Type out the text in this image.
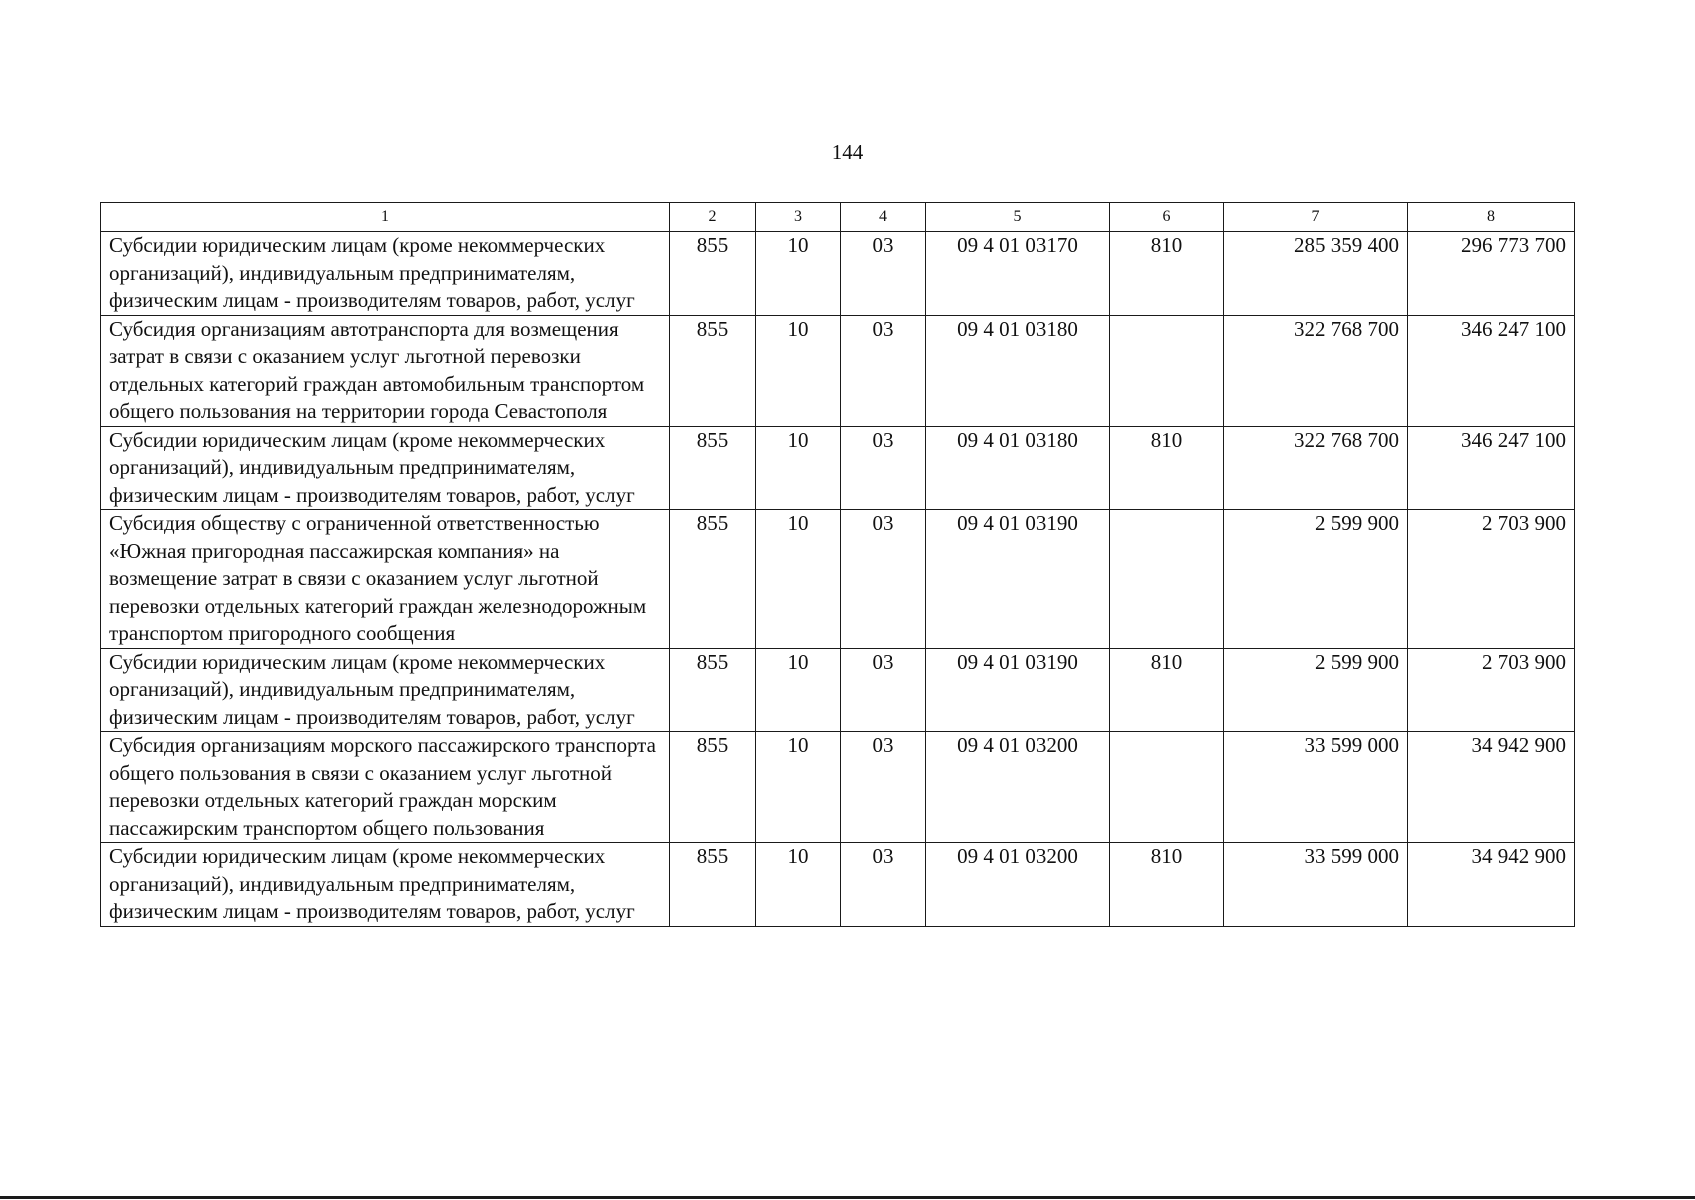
144
1	2	3	4	5	6	7	8
Субсидии юридическим лицам (кроме некоммерческих организаций), индивидуальным предпринимателям, физическим лицам - производителям товаров, работ, услуг	855	10	03	09 4 01 03170	810	285 359 400	296 773 700
Субсидия организациям автотранспорта для возмещения затрат в связи с оказанием услуг льготной перевозки отдельных категорий граждан автомобильным транспортом общего пользования на территории города Севастополя	855	10	03	09 4 01 03180		322 768 700	346 247 100
Субсидии юридическим лицам (кроме некоммерческих организаций), индивидуальным предпринимателям, физическим лицам - производителям товаров, работ, услуг	855	10	03	09 4 01 03180	810	322 768 700	346 247 100
Субсидия обществу с ограниченной ответственностью «Южная пригородная пассажирская компания» на возмещение затрат в связи с оказанием услуг льготной перевозки отдельных категорий граждан железнодорожным транспортом пригородного сообщения	855	10	03	09 4 01 03190		2 599 900	2 703 900
Субсидии юридическим лицам (кроме некоммерческих организаций), индивидуальным предпринимателям, физическим лицам - производителям товаров, работ, услуг	855	10	03	09 4 01 03190	810	2 599 900	2 703 900
Субсидия организациям морского пассажирского транспорта общего пользования в связи с оказанием услуг льготной перевозки отдельных категорий граждан морским пассажирским транспортом общего пользования	855	10	03	09 4 01 03200		33 599 000	34 942 900
Субсидии юридическим лицам (кроме некоммерческих организаций), индивидуальным предпринимателям, физическим лицам - производителям товаров, работ, услуг	855	10	03	09 4 01 03200	810	33 599 000	34 942 900
